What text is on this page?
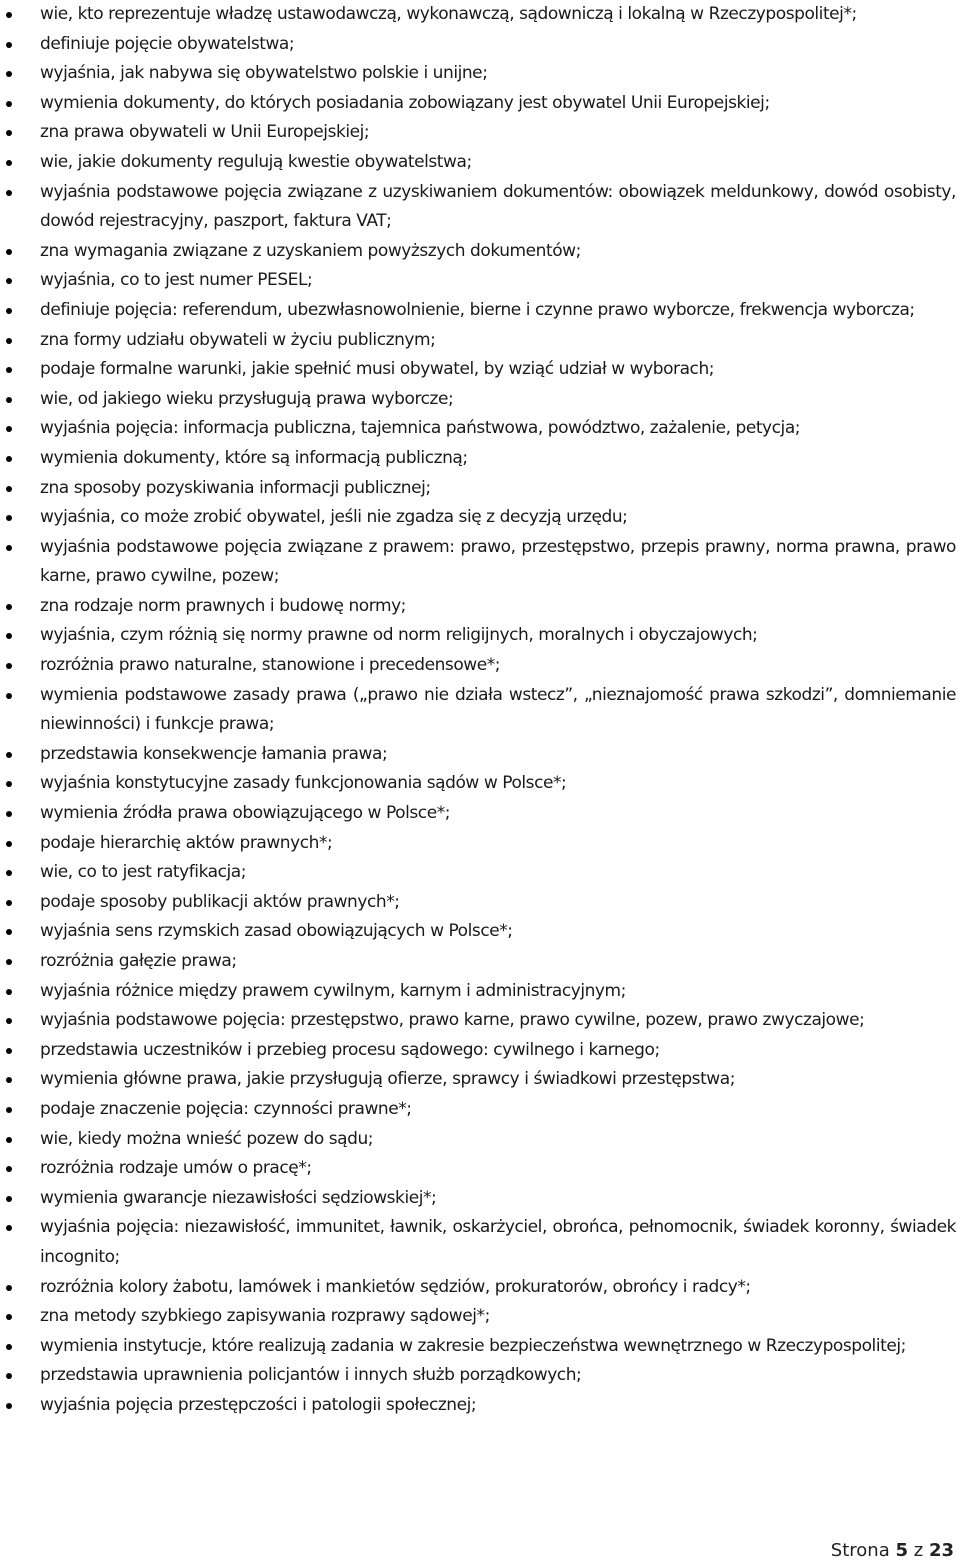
wie, kto reprezentuje władzę ustawodawczą, wykonawczą, sądowniczą i lokalną w Rzeczypospolitej*;
definiuje pojęcie obywatelstwa;
wyjaśnia, jak nabywa się obywatelstwo polskie i unijne;
wymienia dokumenty, do których posiadania zobowiązany jest obywatel Unii Europejskiej;
zna prawa obywateli w Unii Europejskiej;
wie, jakie dokumenty regulują kwestie obywatelstwa;
wyjaśnia podstawowe pojęcia związane z uzyskiwaniem dokumentów: obowiązek meldunkowy, dowód osobisty, dowód rejestracyjny, paszport, faktura VAT;
zna wymagania związane z uzyskaniem powyższych dokumentów;
wyjaśnia, co to jest numer PESEL;
definiuje pojęcia: referendum, ubezwłasnowolnienie, bierne i czynne prawo wyborcze, frekwencja wyborcza;
zna formy udziału obywateli w życiu publicznym;
podaje formalne warunki, jakie spełnić musi obywatel, by wziąć udział w wyborach;
wie, od jakiego wieku przysługują prawa wyborcze;
wyjaśnia pojęcia: informacja publiczna, tajemnica państwowa, powództwo, zażalenie, petycja;
wymienia dokumenty, które są informacją publiczną;
zna sposoby pozyskiwania informacji publicznej;
wyjaśnia, co może zrobić obywatel, jeśli nie zgadza się z decyzją urzędu;
wyjaśnia podstawowe pojęcia związane z prawem: prawo, przestępstwo, przepis prawny, norma prawna, prawo karne, prawo cywilne, pozew;
zna rodzaje norm prawnych i budowę normy;
wyjaśnia, czym różnią się normy prawne od norm religijnych, moralnych i obyczajowych;
rozróżnia prawo naturalne, stanowione i precedensowe*;
wymienia podstawowe zasady prawa („prawo nie działa wstecz”, „nieznajomość prawa szkodzi”, domniemanie niewinności) i funkcje prawa;
przedstawia konsekwencje łamania prawa;
wyjaśnia konstytucyjne zasady funkcjonowania sądów w Polsce*;
wymienia źródła prawa obowiązującego w Polsce*;
podaje hierarchię aktów prawnych*;
wie, co to jest ratyfikacja;
podaje sposoby publikacji aktów prawnych*;
wyjaśnia sens rzymskich zasad obowiązujących w Polsce*;
rozróżnia gałęzie prawa;
wyjaśnia różnice między prawem cywilnym, karnym i administracyjnym;
wyjaśnia podstawowe pojęcia: przestępstwo, prawo karne, prawo cywilne, pozew, prawo zwyczajowe;
przedstawia uczestników i przebieg procesu sądowego: cywilnego i karnego;
wymienia główne prawa, jakie przysługują ofierze, sprawcy i świadkowi przestępstwa;
podaje znaczenie pojęcia: czynności prawne*;
wie, kiedy można wnieść pozew do sądu;
rozróżnia rodzaje umów o pracę*;
wymienia gwarancje niezawisłości sędziowskiej*;
wyjaśnia pojęcia: niezawisłość, immunitet, ławnik, oskarżyciel, obrońca, pełnomocnik, świadek koronny, świadek incognito;
rozróżnia kolory żabotu, lamówek i mankietów sędziów, prokuratorów, obrońcy i radcy*;
zna metody szybkiego zapisywania rozprawy sądowej*;
wymienia instytucje, które realizują zadania w zakresie bezpieczeństwa wewnętrznego w Rzeczypospolitej;
przedstawia uprawnienia policjantów i innych służb porządkowych;
wyjaśnia pojęcia przestępczości i patologii społecznej;
Strona 5 z 23
